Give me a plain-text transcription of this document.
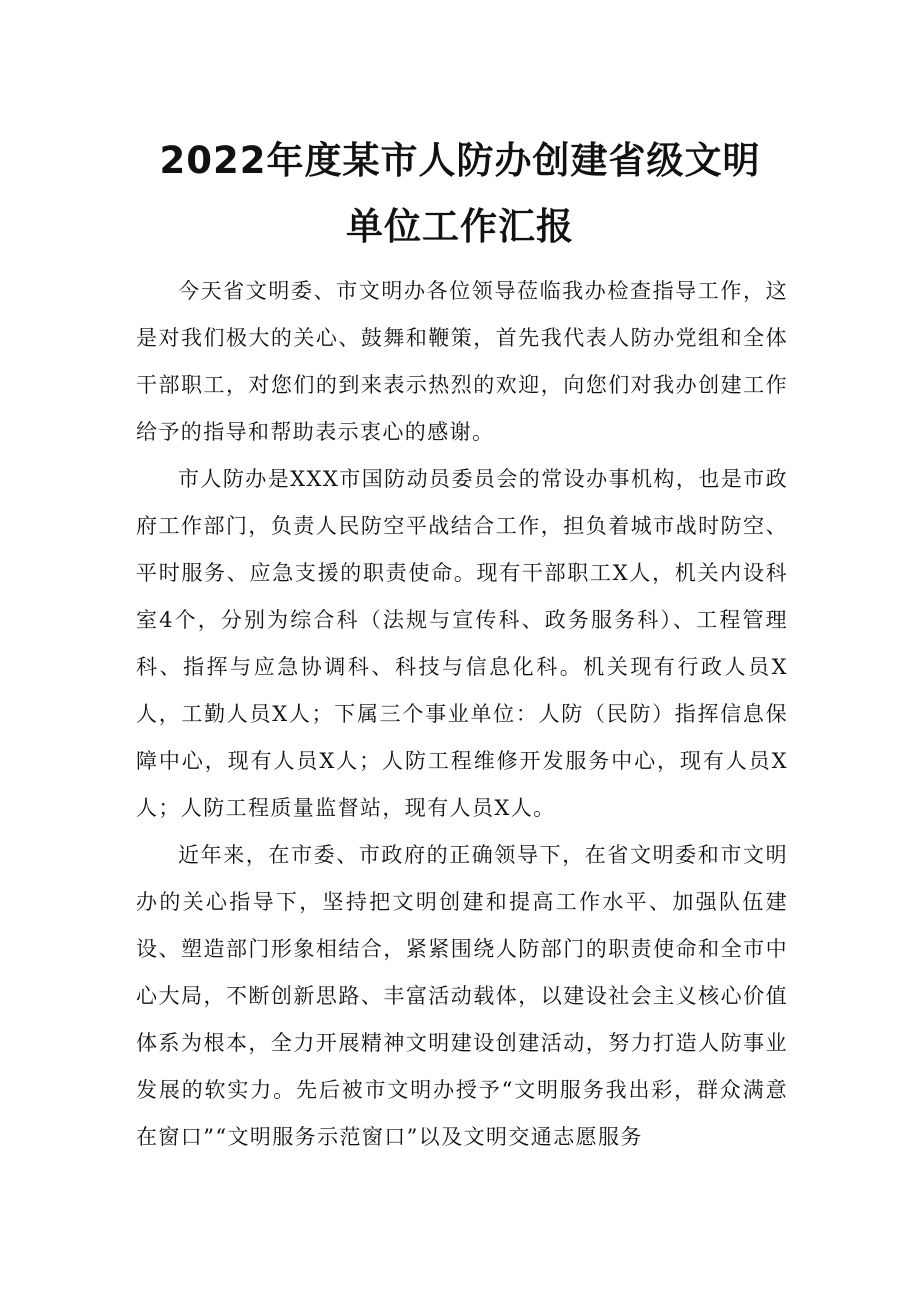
2022年度某市人防办创建省级文明
单位工作汇报

今天省文明委、市文明办各位领导莅临我办检查指导工作，这是对我们极大的关心、鼓舞和鞭策，首先我代表人防办党组和全体干部职工，对您们的到来表示热烈的欢迎，向您们对我办创建工作给予的指导和帮助表示衷心的感谢。

市人防办是XXX市国防动员委员会的常设办事机构，也是市政府工作部门，负责人民防空平战结合工作，担负着城市战时防空、平时服务、应急支援的职责使命。现有干部职工X人，机关内设科室4个，分别为综合科（法规与宣传科、政务服务科）、工程管理科、指挥与应急协调科、科技与信息化科。机关现有行政人员X人，工勤人员X人；下属三个事业单位：人防（民防）指挥信息保障中心，现有人员X人；人防工程维修开发服务中心，现有人员X人；人防工程质量监督站，现有人员X人。

近年来，在市委、市政府的正确领导下，在省文明委和市文明办的关心指导下，坚持把文明创建和提高工作水平、加强队伍建设、塑造部门形象相结合，紧紧围绕人防部门的职责使命和全市中心大局，不断创新思路、丰富活动载体，以建设社会主义核心价值体系为根本，全力开展精神文明建设创建活动，努力打造人防事业发展的软实力。先后被市文明办授予“文明服务我出彩，群众满意在窗口”“文明服务示范窗口”以及文明交通志愿服务
